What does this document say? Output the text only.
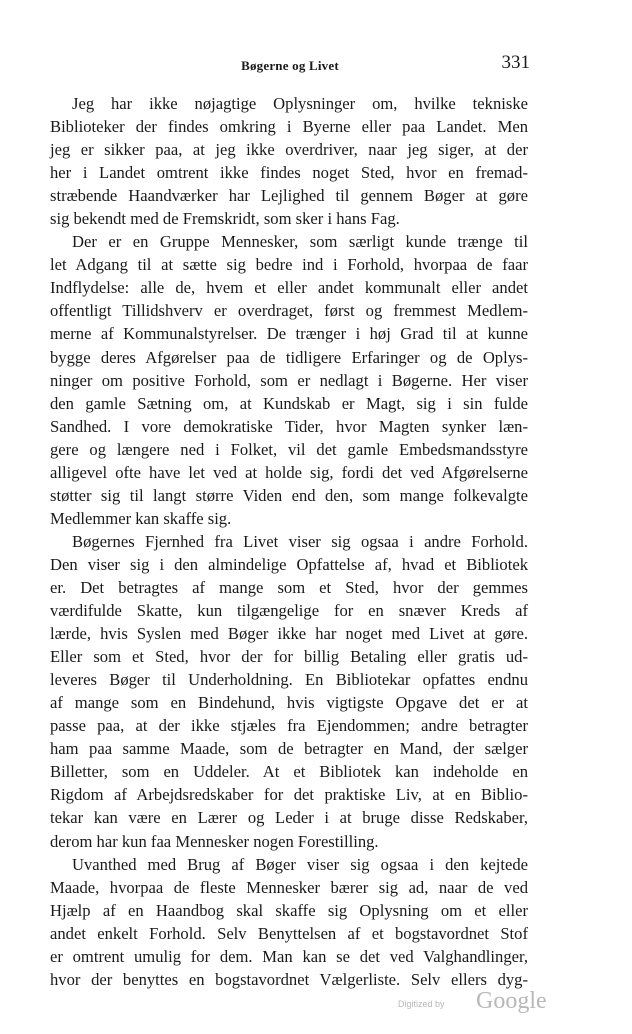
Bøgerne og Livet	331
Jeg har ikke nøjagtige Oplysninger om, hvilke tekniske
Biblioteker der findes omkring i Byerne eller paa Landet. Men
jeg er sikker paa, at jeg ikke overdriver, naar jeg siger, at der
her i Landet omtrent ikke findes noget Sted, hvor en fremad-
stræbende Haandværker har Lejlighed til gennem Bøger at gøre
sig bekendt med de Fremskridt, som sker i hans Fag.
Der er en Gruppe Mennesker, som særligt kunde trænge til
let Adgang til at sætte sig bedre ind i Forhold, hvorpaa de faar
Indflydelse: alle de, hvem et eller andet kommunalt eller andet
offentligt Tillidshverv er overdraget, først og fremmest Medlem-
merne af Kommunalstyrelser. De trænger i høj Grad til at kunne
bygge deres Afgørelser paa de tidligere Erfaringer og de Oplys-
ninger om positive Forhold, som er nedlagt i Bøgerne. Her viser
den gamle Sætning om, at Kundskab er Magt, sig i sin fulde
Sandhed. I vore demokratiske Tider, hvor Magten synker læn-
gere og længere ned i Folket, vil det gamle Embedsmandsstyre
alligevel ofte have let ved at holde sig, fordi det ved Afgørelserne
støtter sig til langt større Viden end den, som mange folkevalgte
Medlemmer kan skaffe sig.
Bøgernes Fjernhed fra Livet viser sig ogsaa i andre Forhold.
Den viser sig i den almindelige Opfattelse af, hvad et Bibliotek
er. Det betragtes af mange som et Sted, hvor der gemmes
værdifulde Skatte, kun tilgængelige for en snæver Kreds af
lærde, hvis Syslen med Bøger ikke har noget med Livet at gøre.
Eller som et Sted, hvor der for billig Betaling eller gratis ud-
leveres Bøger til Underholdning. En Bibliotekar opfattes endnu
af mange som en Bindehund, hvis vigtigste Opgave det er at
passe paa, at der ikke stjæles fra Ejendommen; andre betragter
ham paa samme Maade, som de betragter en Mand, der sælger
Billetter, som en Uddeler. At et Bibliotek kan indeholde en
Rigdom af Arbejdsredskaber for det praktiske Liv, at en Biblio-
tekar kan være en Lærer og Leder i at bruge disse Redskaber,
derom har kun faa Mennesker nogen Forestilling.
Uvanthed med Brug af Bøger viser sig ogsaa i den kejtede
Maade, hvorpaa de fleste Mennesker bærer sig ad, naar de ved
Hjælp af en Haandbog skal skaffe sig Oplysning om et eller
andet enkelt Forhold. Selv Benyttelsen af et bogstavordnet Stof
er omtrent umulig for dem. Man kan se det ved Valghandlinger,
hvor der benyttes en bogstavordnet Vælgerliste. Selv ellers dyg-
Digitized by Google
